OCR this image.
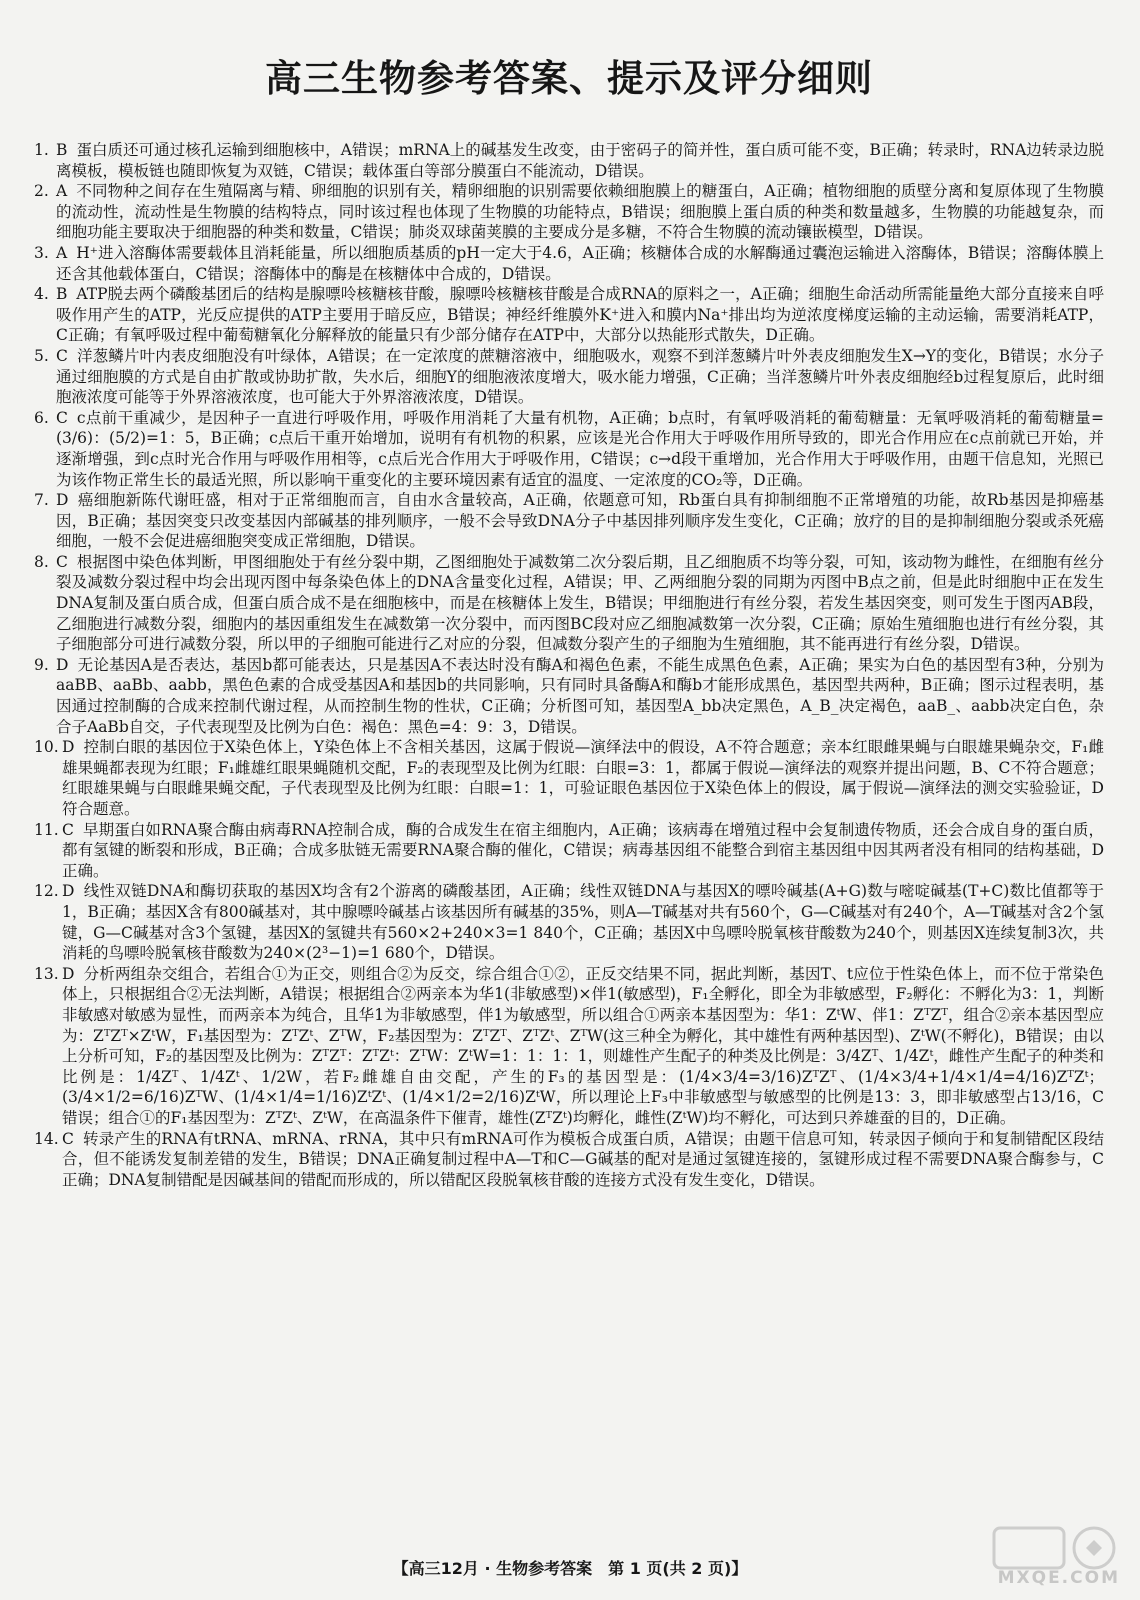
高三生物参考答案、提示及评分细则

1. B 蛋白质还可通过核孔运输到细胞核中，A错误；mRNA上的碱基发生改变，由于密码子的简并性，蛋白质可能不变，B正确；转录时，RNA边转录边脱离模板，模板链也随即恢复为双链，C错误；载体蛋白等部分膜蛋白不能流动，D错误。

2. A 不同物种之间存在生殖隔离与精、卵细胞的识别有关，精卵细胞的识别需要依赖细胞膜上的糖蛋白，A正确；植物细胞的质壁分离和复原体现了生物膜的流动性，流动性是生物膜的结构特点，同时该过程也体现了生物膜的功能特点，B错误；细胞膜上蛋白质的种类和数量越多，生物膜的功能越复杂，而细胞功能主要取决于细胞器的种类和数量，C错误；肺炎双球菌荚膜的主要成分是多糖，不符合生物膜的流动镶嵌模型，D错误。

3. A H⁺进入溶酶体需要载体且消耗能量，所以细胞质基质的pH一定大于4.6，A正确；核糖体合成的水解酶通过囊泡运输进入溶酶体，B错误；溶酶体膜上还含其他载体蛋白，C错误；溶酶体中的酶是在核糖体中合成的，D错误。

4. B ATP脱去两个磷酸基团后的结构是腺嘌呤核糖核苷酸，腺嘌呤核糖核苷酸是合成RNA的原料之一，A正确；细胞生命活动所需能量绝大部分直接来自呼吸作用产生的ATP，光反应提供的ATP主要用于暗反应，B错误；神经纤维膜外K⁺进入和膜内Na⁺排出均为逆浓度梯度运输的主动运输，需要消耗ATP，C正确；有氧呼吸过程中葡萄糖氧化分解释放的能量只有少部分储存在ATP中，大部分以热能形式散失，D正确。

5. C 洋葱鳞片叶内表皮细胞没有叶绿体，A错误；在一定浓度的蔗糖溶液中，细胞吸水，观察不到洋葱鳞片叶外表皮细胞发生X→Y的变化，B错误；水分子通过细胞膜的方式是自由扩散或协助扩散，失水后，细胞Y的细胞液浓度增大，吸水能力增强，C正确；当洋葱鳞片叶外表皮细胞经b过程复原后，此时细胞液浓度可能等于外界溶液浓度，也可能大于外界溶液浓度，D错误。

6. C c点前干重减少，是因种子一直进行呼吸作用，呼吸作用消耗了大量有机物，A正确；b点时，有氧呼吸消耗的葡萄糖量：无氧呼吸消耗的葡萄糖量=(3/6)：(5/2)=1：5，B正确；c点后干重开始增加，说明有有机物的积累，应该是光合作用大于呼吸作用所导致的，即光合作用应在c点前就已开始，并逐渐增强，到c点时光合作用与呼吸作用相等，c点后光合作用大于呼吸作用，C错误；c→d段干重增加，光合作用大于呼吸作用，由题干信息知，光照已为该作物正常生长的最适光照，所以影响干重变化的主要环境因素有适宜的温度、一定浓度的CO₂等，D正确。

7. D 癌细胞新陈代谢旺盛，相对于正常细胞而言，自由水含量较高，A正确，依题意可知，Rb蛋白具有抑制细胞不正常增殖的功能，故Rb基因是抑癌基因，B正确；基因突变只改变基因内部碱基的排列顺序，一般不会导致DNA分子中基因排列顺序发生变化，C正确；放疗的目的是抑制细胞分裂或杀死癌细胞，一般不会促进癌细胞突变成正常细胞，D错误。

8. C 根据图中染色体判断，甲图细胞处于有丝分裂中期，乙图细胞处于减数第二次分裂后期，且乙细胞质不均等分裂，可知，该动物为雌性，在细胞有丝分裂及减数分裂过程中均会出现丙图中每条染色体上的DNA含量变化过程，A错误；甲、乙两细胞分裂的同期为丙图中B点之前，但是此时细胞中正在发生DNA复制及蛋白质合成，但蛋白质合成不是在细胞核中，而是在核糖体上发生，B错误；甲细胞进行有丝分裂，若发生基因突变，则可发生于图丙AB段，乙细胞进行减数分裂，细胞内的基因重组发生在减数第一次分裂中，而丙图BC段对应乙细胞减数第一次分裂，C正确；原始生殖细胞也进行有丝分裂，其子细胞部分可进行减数分裂，所以甲的子细胞可能进行乙对应的分裂，但减数分裂产生的子细胞为生殖细胞，其不能再进行有丝分裂，D错误。

9. D 无论基因A是否表达，基因b都可能表达，只是基因A不表达时没有酶A和褐色色素，不能生成黑色色素，A正确；果实为白色的基因型有3种，分别为aaBB、aaBb、aabb，黑色色素的合成受基因A和基因b的共同影响，只有同时具备酶A和酶b才能形成黑色，基因型共两种，B正确；图示过程表明，基因通过控制酶的合成来控制代谢过程，从而控制生物的性状，C正确；分析图可知，基因型A_bb决定黑色，A_B_决定褐色，aaB_、aabb决定白色，杂合子AaBb自交，子代表现型及比例为白色：褐色：黑色=4：9：3，D错误。

10. D 控制白眼的基因位于X染色体上，Y染色体上不含相关基因，这属于假说—演绎法中的假设，A不符合题意；亲本红眼雌果蝇与白眼雄果蝇杂交，F₁雌雄果蝇都表现为红眼；F₁雌雄红眼果蝇随机交配，F₂的表现型及比例为红眼：白眼=3：1，都属于假说—演绎法的观察并提出问题，B、C不符合题意；红眼雄果蝇与白眼雌果蝇交配，子代表现型及比例为红眼：白眼=1：1，可验证眼色基因位于X染色体上的假设，属于假说—演绎法的测交实验验证，D符合题意。

11. C 早期蛋白如RNA聚合酶由病毒RNA控制合成，酶的合成发生在宿主细胞内，A正确；该病毒在增殖过程中会复制遗传物质，还会合成自身的蛋白质，都有氢键的断裂和形成，B正确；合成多肽链无需要RNA聚合酶的催化，C错误；病毒基因组不能整合到宿主基因组中因其两者没有相同的结构基础，D正确。

12. D 线性双链DNA和酶切获取的基因X均含有2个游离的磷酸基团，A正确；线性双链DNA与基因X的嘌呤碱基(A+G)数与嘧啶碱基(T+C)数比值都等于1，B正确；基因X含有800碱基对，其中腺嘌呤碱基占该基因所有碱基的35%，则A—T碱基对共有560个，G—C碱基对有240个，A—T碱基对含2个氢键，G—C碱基对含3个氢键，基因X的氢键共有560×2+240×3=1 840个，C正确；基因X中鸟嘌呤脱氧核苷酸数为240个，则基因X连续复制3次，共消耗的鸟嘌呤脱氧核苷酸数为240×(2³−1)=1 680个，D错误。

13. D 分析两组杂交组合，若组合①为正交，则组合②为反交，综合组合①②，正反交结果不同，据此判断，基因T、t应位于性染色体上，而不位于常染色体上，只根据组合②无法判断，A错误；根据组合②两亲本为华1(非敏感型)×伴1(敏感型)，F₁全孵化，即全为非敏感型，F₂孵化：不孵化为3：1，判断非敏感对敏感为显性，而两亲本为纯合，且华1为非敏感型，伴1为敏感型，所以组合①两亲本基因型为：华1：ZᵗW、伴1：ZᵀZᵀ，组合②亲本基因型应为：ZᵀZᵀ×ZᵗW，F₁基因型为：ZᵀZᵗ、ZᵀW，F₂基因型为：ZᵀZᵀ、ZᵀZᵗ、ZᵀW(这三种全为孵化，其中雄性有两种基因型)、ZᵗW(不孵化)，B错误；由以上分析可知，F₂的基因型及比例为：ZᵀZᵀ：ZᵀZᵗ：ZᵀW：ZᵗW=1：1：1：1，则雄性产生配子的种类及比例是：3/4Zᵀ、1/4Zᵗ，雌性产生配子的种类和比例是：1/4Zᵀ、1/4Zᵗ、1/2W，若F₂雌雄自由交配，产生的F₃的基因型是：(1/4×3/4=3/16)ZᵀZᵀ、(1/4×3/4+1/4×1/4=4/16)ZᵀZᵗ；(3/4×1/2=6/16)ZᵀW、(1/4×1/4=1/16)ZᵗZᵗ、(1/4×1/2=2/16)ZᵗW，所以理论上F₃中非敏感型与敏感型的比例是13：3，即非敏感型占13/16，C错误；组合①的F₁基因型为：ZᵀZᵗ、ZᵗW，在高温条件下催青，雄性(ZᵀZᵗ)均孵化，雌性(ZᵗW)均不孵化，可达到只养雄蚕的目的，D正确。

14. C 转录产生的RNA有tRNA、mRNA、rRNA，其中只有mRNA可作为模板合成蛋白质，A错误；由题干信息可知，转录因子倾向于和复制错配区段结合，但不能诱发复制差错的发生，B错误；DNA正确复制过程中A—T和C—G碱基的配对是通过氢键连接的，氢键形成过程不需要DNA聚合酶参与，C正确；DNA复制错配是因碱基间的错配而形成的，所以错配区段脱氧核苷酸的连接方式没有发生变化，D错误。

【高三12月 · 生物参考答案　第 1 页(共 2 页)】	MXQE.COM
